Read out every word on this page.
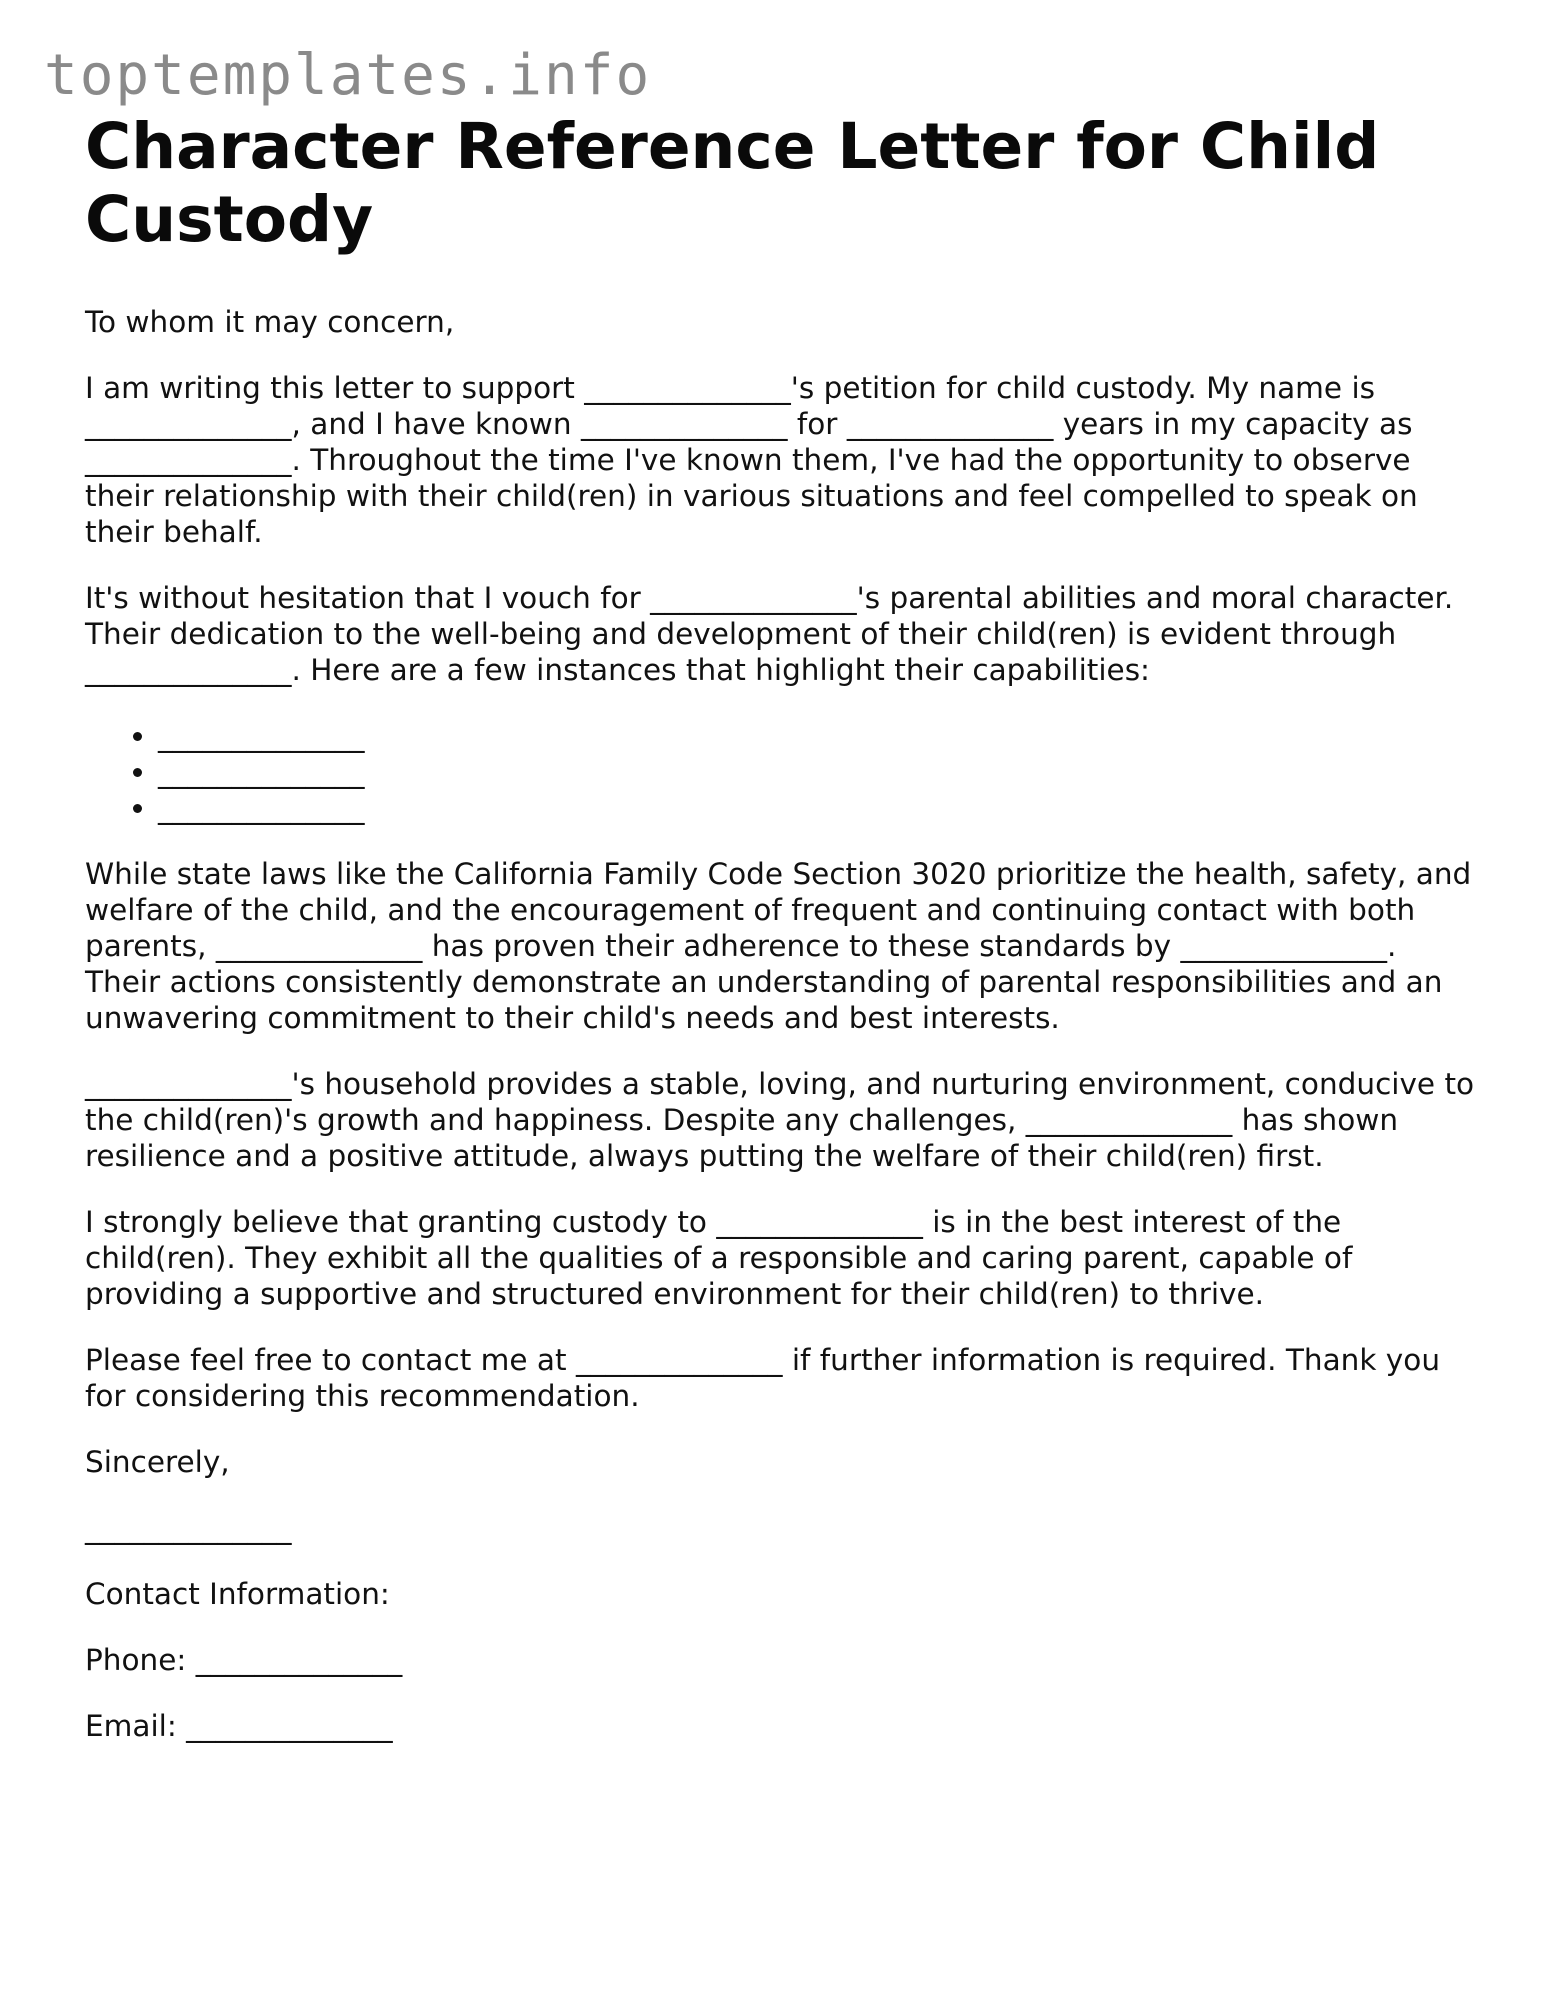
toptemplates.info
Character Reference Letter for Child Custody

To whom it may concern,

I am writing this letter to support ______________'s petition for child custody. My name is ______________, and I have known ______________ for ______________ years in my capacity as ______________. Throughout the time I've known them, I've had the opportunity to observe their relationship with their child(ren) in various situations and feel compelled to speak on their behalf.

It's without hesitation that I vouch for ______________'s parental abilities and moral character. Their dedication to the well-being and development of their child(ren) is evident through ______________. Here are a few instances that highlight their capabilities:

• ______________
• ______________
• ______________

While state laws like the California Family Code Section 3020 prioritize the health, safety, and welfare of the child, and the encouragement of frequent and continuing contact with both parents, ______________ has proven their adherence to these standards by ______________. Their actions consistently demonstrate an understanding of parental responsibilities and an unwavering commitment to their child's needs and best interests.

______________'s household provides a stable, loving, and nurturing environment, conducive to the child(ren)'s growth and happiness. Despite any challenges, ______________ has shown resilience and a positive attitude, always putting the welfare of their child(ren) first.

I strongly believe that granting custody to ______________ is in the best interest of the child(ren). They exhibit all the qualities of a responsible and caring parent, capable of providing a supportive and structured environment for their child(ren) to thrive.

Please feel free to contact me at ______________ if further information is required. Thank you for considering this recommendation.

Sincerely,

______________

Contact Information:

Phone: ______________

Email: ______________
